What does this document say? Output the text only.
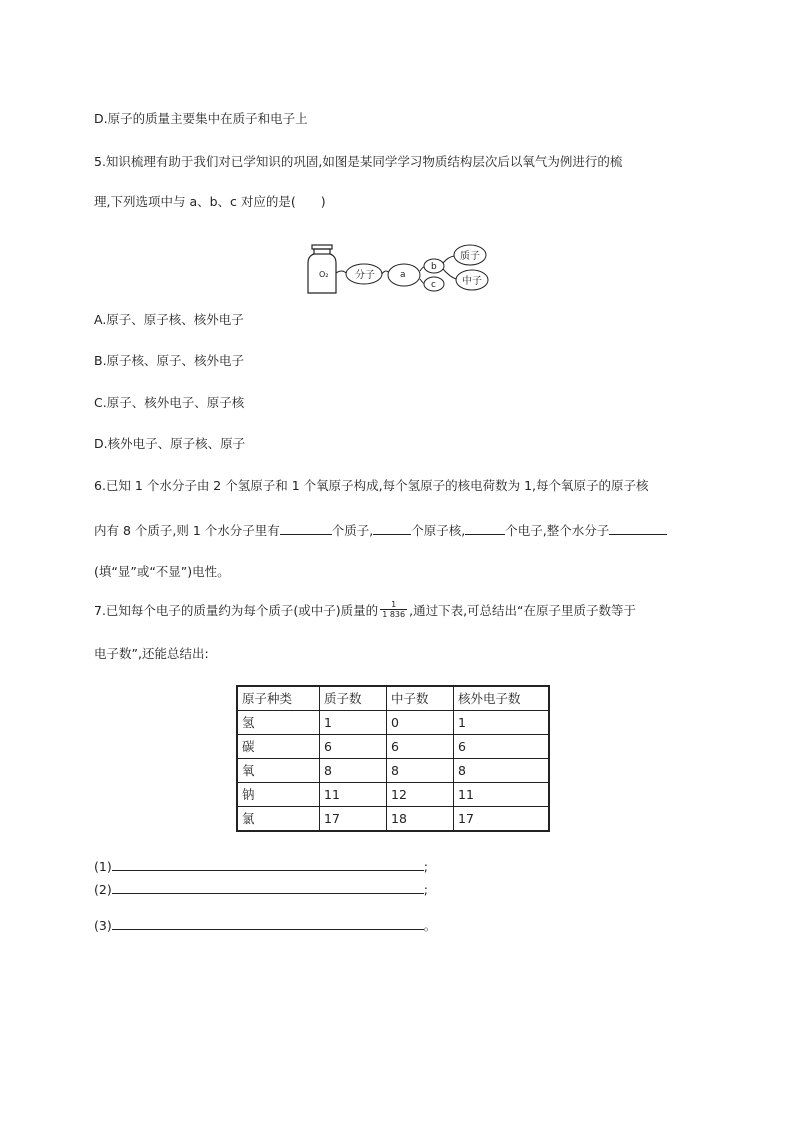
D.原子的质量主要集中在质子和电子上
5.知识梳理有助于我们对已学知识的巩固,如图是某同学学习物质结构层次后以氧气为例进行的梳
理,下列选项中与 a、b、c 对应的是(　　)
O₂	分子	a
b
c
质子
中子
A.原子、原子核、核外电子
B.原子核、原子、核外电子
C.原子、核外电子、原子核
D.核外电子、原子核、原子
6.已知 1 个水分子由 2 个氢原子和 1 个氧原子构成,每个氢原子的核电荷数为 1,每个氧原子的原子核
内有 8 个质子,则 1 个水分子里有	个质子,	个原子核,	个电子,整个水分子
(填“显”或“不显”)电性。
7.已知每个电子的质量约为每个质子(或中子)质量的 $\frac{1}{1 836}$ ,通过下表,可总结出“在原子里质子数等于
电子数”,还能总结出:
原子种类	质子数	中子数	核外电子数
氢	1	0	1
碳	6	6	6
氧	8	8	8
钠	11	12	11
氯	17	18	17
(1)	;
(2)	;
(3)	。
